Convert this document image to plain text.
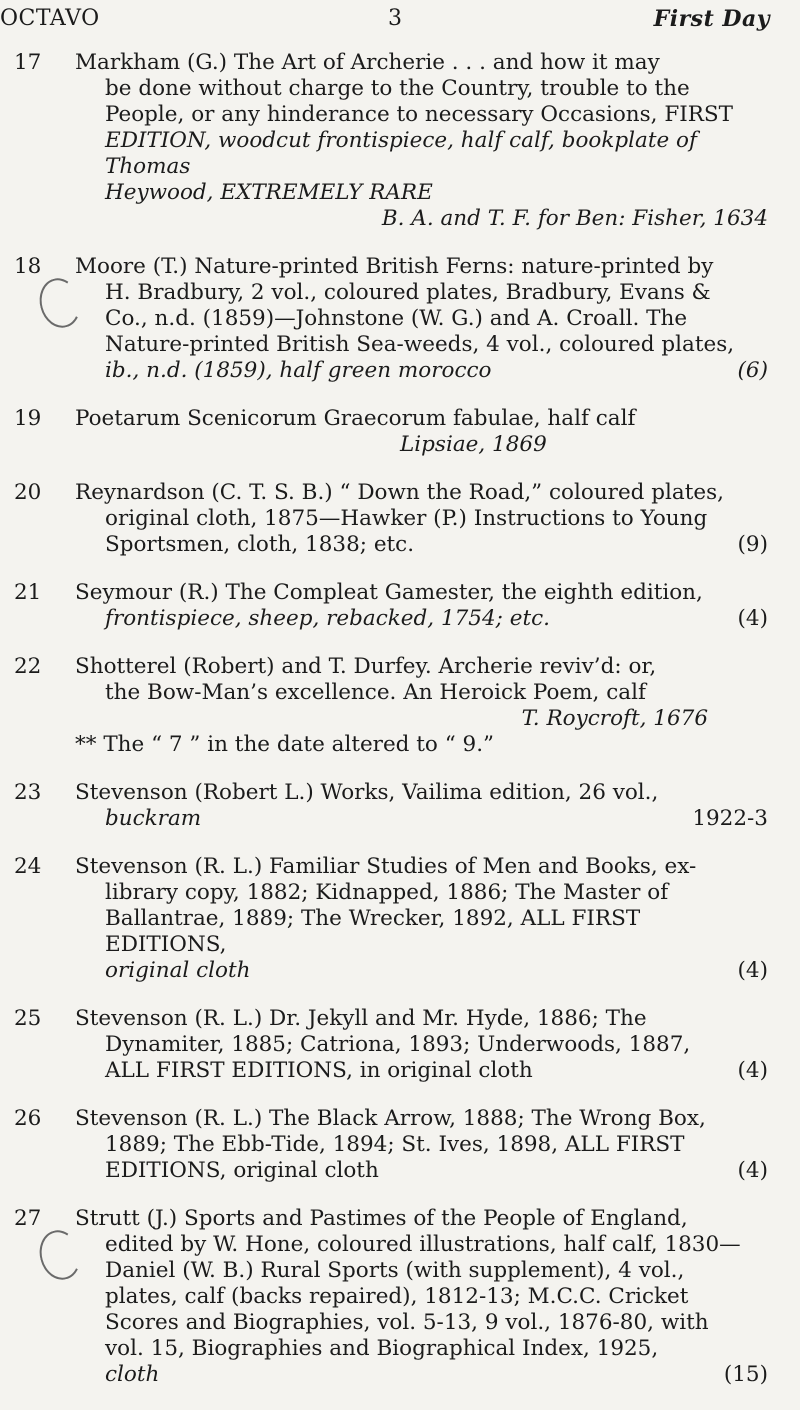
OCTAVO	3	First Day
17	Markham (G.) The Art of Archerie . . . and how it may
be done without charge to the Country, trouble to the
People, or any hinderance to necessary Occasions, FIRST
EDITION, woodcut frontispiece, half calf, bookplate of Thomas
Heywood, EXTREMELY RARE
B. A. and T. F. for Ben: Fisher, 1634
18	Moore (T.) Nature-printed British Ferns: nature-printed by
H. Bradbury, 2 vol., coloured plates, Bradbury, Evans &
Co., n.d. (1859)—Johnstone (W. G.) and A. Croall. The
Nature-printed British Sea-weeds, 4 vol., coloured plates,
ib., n.d. (1859), half green morocco	(6)
19	Poetarum Scenicorum Graecorum fabulae, half calf
Lipsiae, 1869
20	Reynardson (C. T. S. B.) “ Down the Road,” coloured plates,
original cloth, 1875—Hawker (P.) Instructions to Young
Sportsmen, cloth, 1838; etc.	(9)
21	Seymour (R.) The Compleat Gamester, the eighth edition,
frontispiece, sheep, rebacked, 1754; etc.	(4)
22	Shotterel (Robert) and T. Durfey. Archerie reviv’d: or,
the Bow-Man’s excellence. An Heroick Poem, calf
T. Roycroft, 1676
** The “ 7 ” in the date altered to “ 9.”
23	Stevenson (Robert L.) Works, Vailima edition, 26 vol.,
buckram	1922-3
24	Stevenson (R. L.) Familiar Studies of Men and Books, ex-
library copy, 1882; Kidnapped, 1886; The Master of
Ballantrae, 1889; The Wrecker, 1892, ALL FIRST EDITIONS,
original cloth	(4)
25	Stevenson (R. L.) Dr. Jekyll and Mr. Hyde, 1886; The
Dynamiter, 1885; Catriona, 1893; Underwoods, 1887,
ALL FIRST EDITIONS, in original cloth	(4)
26	Stevenson (R. L.) The Black Arrow, 1888; The Wrong Box,
1889; The Ebb-Tide, 1894; St. Ives, 1898, ALL FIRST
EDITIONS, original cloth	(4)
27	Strutt (J.) Sports and Pastimes of the People of England,
edited by W. Hone, coloured illustrations, half calf, 1830—
Daniel (W. B.) Rural Sports (with supplement), 4 vol.,
plates, calf (backs repaired), 1812-13; M.C.C. Cricket
Scores and Biographies, vol. 5-13, 9 vol., 1876-80, with
vol. 15, Biographies and Biographical Index, 1925,
cloth	(15)
